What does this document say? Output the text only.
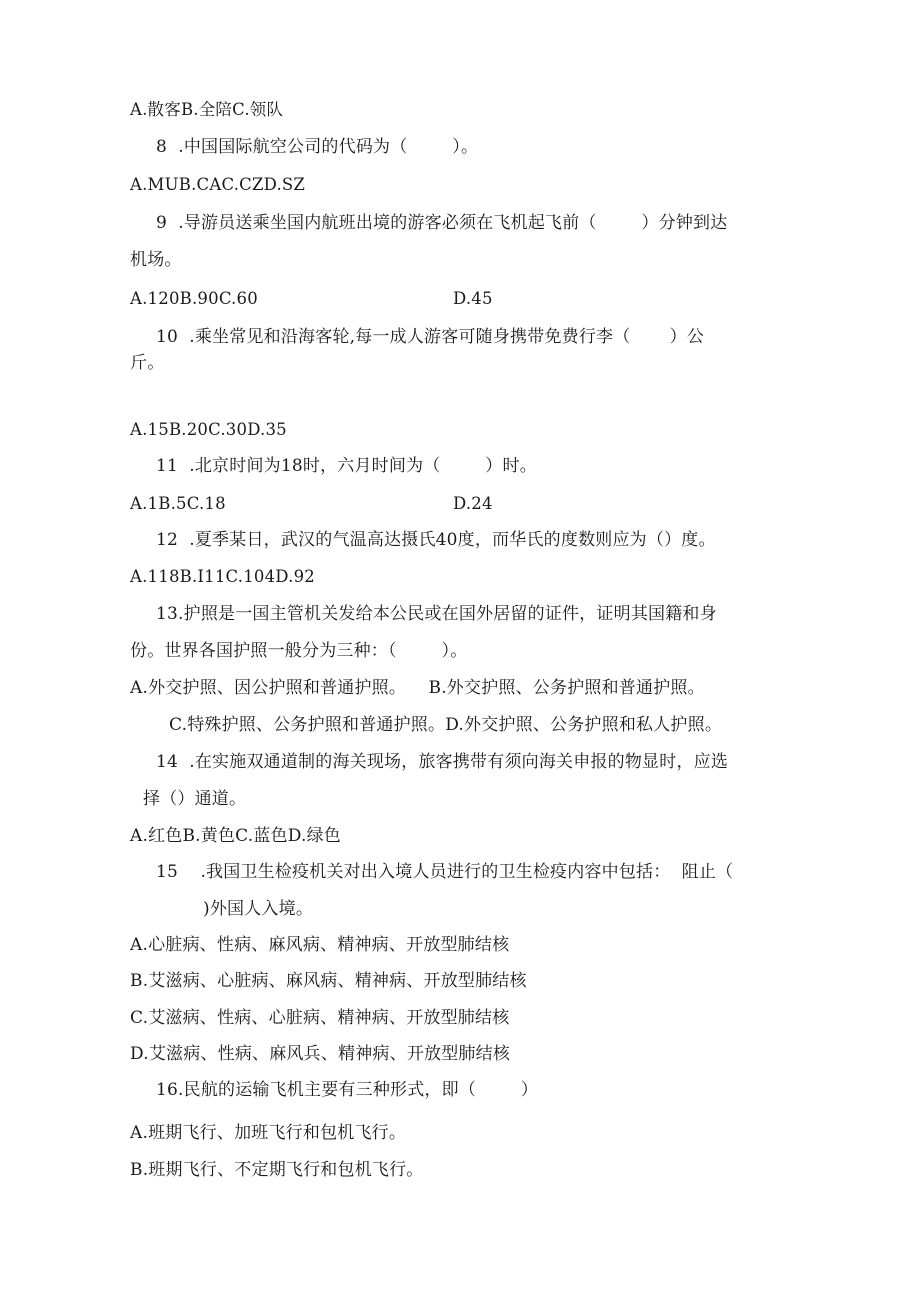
A.散客B.全陪C.领队
8  .中国国际航空公司的代码为（        ）。
A.MUB.CAC.CZD.SZ
9  .导游员送乘坐国内航班出境的游客必须在飞机起飞前（        ）分钟到达
机场。
A.120B.90C.60	D.45
10  .乘坐常见和沿海客轮,每一成人游客可随身携带免费行李（       ）公
斤。
A.15B.20C.30D.35
11  .北京时间为18时，六月时间为（        ）时。
A.1B.5C.18	D.24
12  .夏季某日，武汉的气温高达摄氏40度，而华氏的度数则应为（）度。
A.118B.I11C.104D.92
13.护照是一国主管机关发给本公民或在国外居留的证件，证明其国籍和身
份。世界各国护照一般分为三种：（        ）。
A.外交护照、因公护照和普通护照。    B.外交护照、公务护照和普通护照。
C.特殊护照、公务护照和普通护照。D.外交护照、公务护照和私人护照。
14  .在实施双通道制的海关现场，旅客携带有须向海关申报的物显时，应选
择（）通道。
A.红色B.黄色C.蓝色D.绿色
15    .我国卫生检疫机关对出入境人员进行的卫生检疫内容中包括：  阻止（
)外国人入境。
A.心脏病、性病、麻风病、精神病、开放型肺结核
B.艾滋病、心脏病、麻风病、精神病、开放型肺结核
C.艾滋病、性病、心脏病、精神病、开放型肺结核
D.艾滋病、性病、麻风兵、精神病、开放型肺结核
16.民航的运输飞机主要有三种形式，即（        ）
A.班期飞行、加班飞行和包机飞行。
B.班期飞行、不定期飞行和包机飞行。
